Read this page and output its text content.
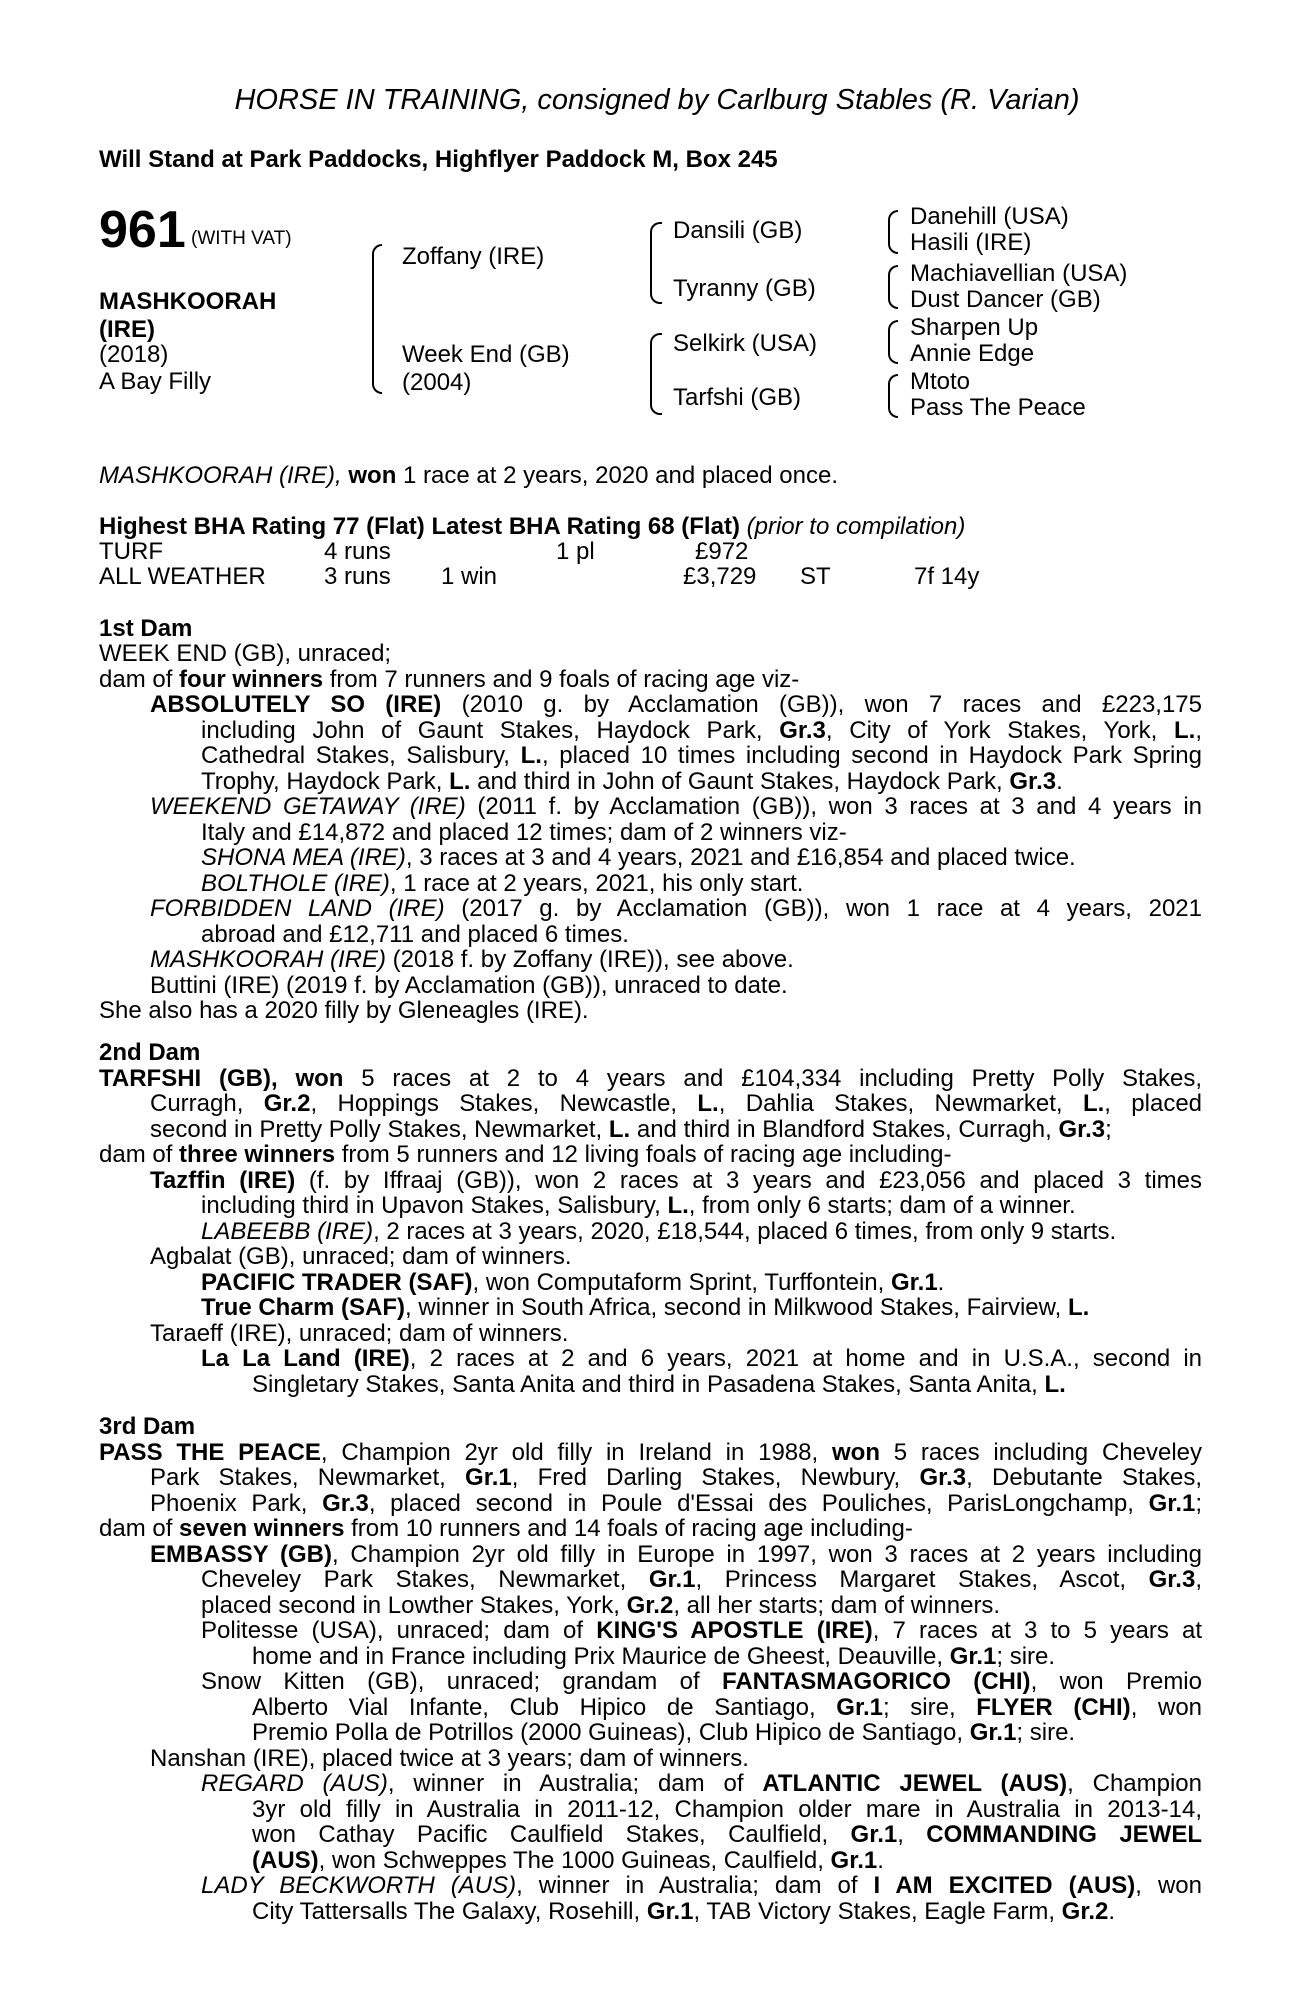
HORSE IN TRAINING, consigned by Carlburg Stables (R. Varian)
Will Stand at Park Paddocks, Highflyer Paddock M, Box 245
961 (WITH VAT)
MASHKOORAH
(IRE)
(2018)
A Bay Filly
Zoffany (IRE)
Week End (GB)
(2004)
Dansili (GB)
Tyranny (GB)
Selkirk (USA)
Tarfshi (GB)
Danehill (USA)
Hasili (IRE)
Machiavellian (USA)
Dust Dancer (GB)
Sharpen Up
Annie Edge
Mtoto
Pass The Peace
MASHKOORAH (IRE), won 1 race at 2 years, 2020 and placed once.
Highest BHA Rating 77 (Flat) Latest BHA Rating 68 (Flat) (prior to compilation)
TURF	4 runs	1 pl	£972
ALL WEATHER 3 runs 1 win	£3,729 ST	7f 14y
1st Dam
WEEK END (GB), unraced;
dam of four winners from 7 runners and 9 foals of racing age viz-
ABSOLUTELY SO (IRE) (2010 g. by Acclamation (GB)), won 7 races and £223,175
including John of Gaunt Stakes, Haydock Park, Gr.3, City of York Stakes, York, L.,
Cathedral Stakes, Salisbury, L., placed 10 times including second in Haydock Park Spring
Trophy, Haydock Park, L. and third in John of Gaunt Stakes, Haydock Park, Gr.3.
WEEKEND GETAWAY (IRE) (2011 f. by Acclamation (GB)), won 3 races at 3 and 4 years in
Italy and £14,872 and placed 12 times; dam of 2 winners viz-
SHONA MEA (IRE), 3 races at 3 and 4 years, 2021 and £16,854 and placed twice.
BOLTHOLE (IRE), 1 race at 2 years, 2021, his only start.
FORBIDDEN LAND (IRE) (2017 g. by Acclamation (GB)), won 1 race at 4 years, 2021
abroad and £12,711 and placed 6 times.
MASHKOORAH (IRE) (2018 f. by Zoffany (IRE)), see above.
Buttini (IRE) (2019 f. by Acclamation (GB)), unraced to date.
She also has a 2020 filly by Gleneagles (IRE).
2nd Dam
TARFSHI (GB), won 5 races at 2 to 4 years and £104,334 including Pretty Polly Stakes,
Curragh, Gr.2, Hoppings Stakes, Newcastle, L., Dahlia Stakes, Newmarket, L., placed
second in Pretty Polly Stakes, Newmarket, L. and third in Blandford Stakes, Curragh, Gr.3;
dam of three winners from 5 runners and 12 living foals of racing age including-
Tazffin (IRE) (f. by Iffraaj (GB)), won 2 races at 3 years and £23,056 and placed 3 times
including third in Upavon Stakes, Salisbury, L., from only 6 starts; dam of a winner.
LABEEBB (IRE), 2 races at 3 years, 2020, £18,544, placed 6 times, from only 9 starts.
Agbalat (GB), unraced; dam of winners.
PACIFIC TRADER (SAF), won Computaform Sprint, Turffontein, Gr.1.
True Charm (SAF), winner in South Africa, second in Milkwood Stakes, Fairview, L.
Taraeff (IRE), unraced; dam of winners.
La La Land (IRE), 2 races at 2 and 6 years, 2021 at home and in U.S.A., second in
Singletary Stakes, Santa Anita and third in Pasadena Stakes, Santa Anita, L.
3rd Dam
PASS THE PEACE, Champion 2yr old filly in Ireland in 1988, won 5 races including Cheveley
Park Stakes, Newmarket, Gr.1, Fred Darling Stakes, Newbury, Gr.3, Debutante Stakes,
Phoenix Park, Gr.3, placed second in Poule d'Essai des Pouliches, ParisLongchamp, Gr.1;
dam of seven winners from 10 runners and 14 foals of racing age including-
EMBASSY (GB), Champion 2yr old filly in Europe in 1997, won 3 races at 2 years including
Cheveley Park Stakes, Newmarket, Gr.1, Princess Margaret Stakes, Ascot, Gr.3,
placed second in Lowther Stakes, York, Gr.2, all her starts; dam of winners.
Politesse (USA), unraced; dam of KING'S APOSTLE (IRE), 7 races at 3 to 5 years at
home and in France including Prix Maurice de Gheest, Deauville, Gr.1; sire.
Snow Kitten (GB), unraced; grandam of FANTASMAGORICO (CHI), won Premio
Alberto Vial Infante, Club Hipico de Santiago, Gr.1; sire, FLYER (CHI), won
Premio Polla de Potrillos (2000 Guineas), Club Hipico de Santiago, Gr.1; sire.
Nanshan (IRE), placed twice at 3 years; dam of winners.
REGARD (AUS), winner in Australia; dam of ATLANTIC JEWEL (AUS), Champion
3yr old filly in Australia in 2011-12, Champion older mare in Australia in 2013-14,
won Cathay Pacific Caulfield Stakes, Caulfield, Gr.1, COMMANDING JEWEL
(AUS), won Schweppes The 1000 Guineas, Caulfield, Gr.1.
LADY BECKWORTH (AUS), winner in Australia; dam of I AM EXCITED (AUS), won
City Tattersalls The Galaxy, Rosehill, Gr.1, TAB Victory Stakes, Eagle Farm, Gr.2.
